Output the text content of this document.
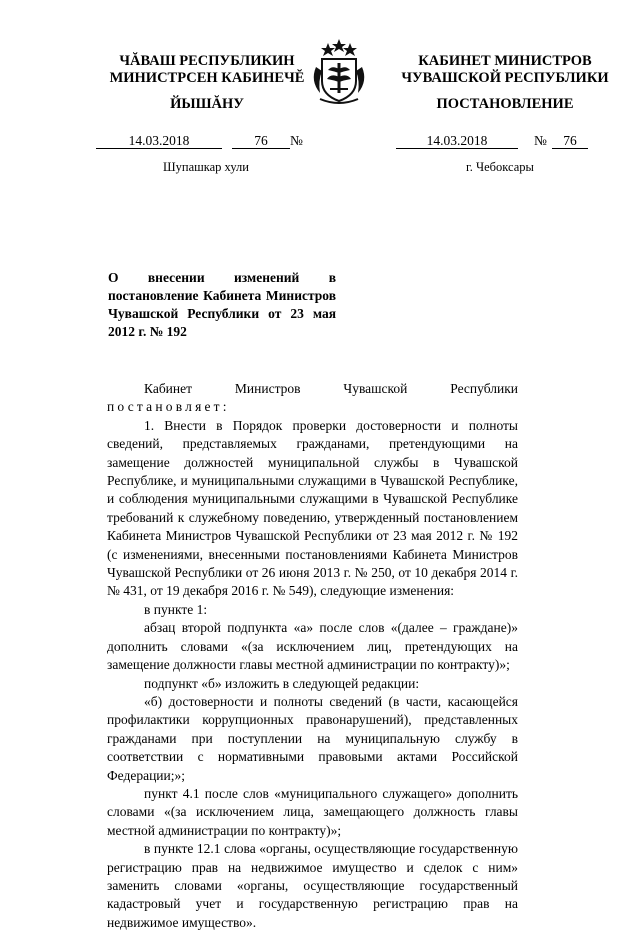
ЧĂВАШ РЕСПУБЛИКИН
МИНИСТРСЕН КАБИНЕЧĔ
ЙЫШĂНУ
КАБИНЕТ МИНИСТРОВ
ЧУВАШСКОЙ РЕСПУБЛИКИ
ПОСТАНОВЛЕНИЕ
14.03.2018	76	№	14.03.2018	№	76
Шупашкар хули	г. Чебоксары
О внесении изменений в постановление Кабинета Министров Чувашской Республики от 23 мая 2012 г. № 192

Кабинет Министров Чувашской Республики постановляет:

1. Внести в Порядок проверки достоверности и полноты сведений, представляемых гражданами, претендующими на замещение должностей муниципальной службы в Чувашской Республике, и муниципальными служащими в Чувашской Республике, и соблюдения муниципальными служащими в Чувашской Республике требований к служебному поведению, утвержденный постановлением Кабинета Министров Чувашской Республики от 23 мая 2012 г. № 192 (с изменениями, внесенными постановлениями Кабинета Министров Чувашской Республики от 26 июня 2013 г. № 250, от 10 декабря 2014 г. № 431, от 19 декабря 2016 г. № 549), следующие изменения:

в пункте 1:

абзац второй подпункта «а» после слов «(далее – граждане)» дополнить словами «(за исключением лиц, претендующих на замещение должности главы местной администрации по контракту)»;

подпункт «б» изложить в следующей редакции:

«б) достоверности и полноты сведений (в части, касающейся профилактики коррупционных правонарушений), представленных гражданами при поступлении на муниципальную службу в соответствии с нормативными правовыми актами Российской Федерации;»;

пункт 4.1 после слов «муниципального служащего» дополнить словами «(за исключением лица, замещающего должность главы местной администрации по контракту)»;

в пункте 12.1 слова «органы, осуществляющие государственную регистрацию прав на недвижимое имущество и сделок с ним» заменить словами «органы, осуществляющие государственный кадастровый учет и государственную регистрацию прав на недвижимое имущество».
